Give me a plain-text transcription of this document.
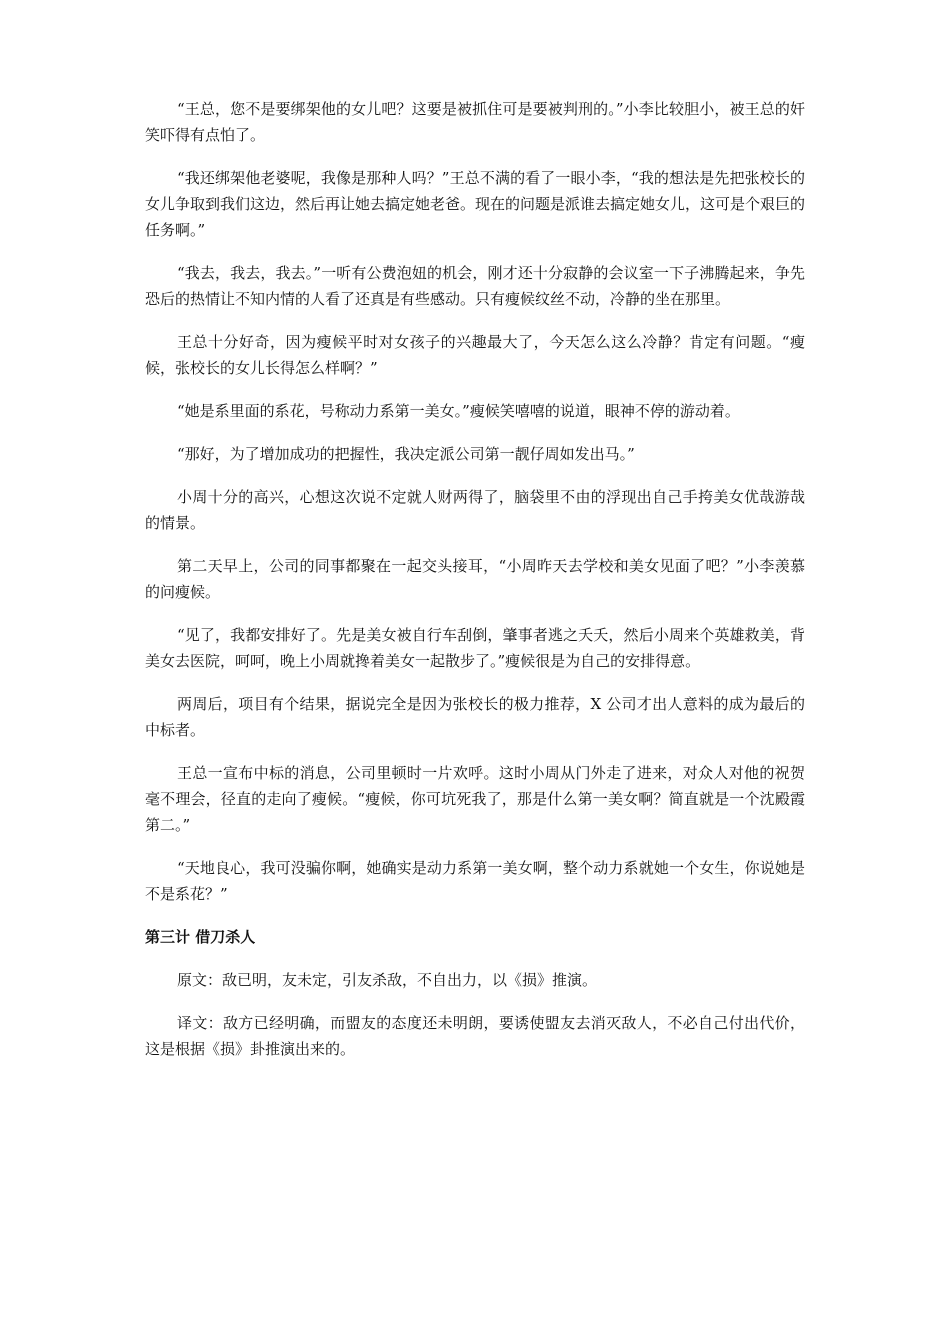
“王总，您不是要绑架他的女儿吧？这要是被抓住可是要被判刑的。”小李比较胆小，被王总的奸笑吓得有点怕了。

“我还绑架他老婆呢，我像是那种人吗？”王总不满的看了一眼小李，“我的想法是先把张校长的女儿争取到我们这边，然后再让她去搞定她老爸。现在的问题是派谁去搞定她女儿，这可是个艰巨的任务啊。”

“我去，我去，我去。”一听有公费泡妞的机会，刚才还十分寂静的会议室一下子沸腾起来，争先恐后的热情让不知内情的人看了还真是有些感动。只有瘦候纹丝不动，冷静的坐在那里。

王总十分好奇，因为瘦候平时对女孩子的兴趣最大了，今天怎么这么冷静？肯定有问题。“瘦候，张校长的女儿长得怎么样啊？”

“她是系里面的系花，号称动力系第一美女。”瘦候笑嘻嘻的说道，眼神不停的游动着。

“那好，为了增加成功的把握性，我决定派公司第一靓仔周如发出马。”

小周十分的高兴，心想这次说不定就人财两得了，脑袋里不由的浮现出自己手挎美女优哉游哉的情景。

第二天早上，公司的同事都聚在一起交头接耳，“小周昨天去学校和美女见面了吧？”小李羡慕的问瘦候。

“见了，我都安排好了。先是美女被自行车刮倒，肇事者逃之夭夭，然后小周来个英雄救美，背美女去医院，呵呵，晚上小周就搀着美女一起散步了。”瘦候很是为自己的安排得意。

两周后，项目有个结果，据说完全是因为张校长的极力推荐，X 公司才出人意料的成为最后的中标者。

王总一宣布中标的消息，公司里顿时一片欢呼。这时小周从门外走了进来，对众人对他的祝贺毫不理会，径直的走向了瘦候。“瘦候，你可坑死我了，那是什么第一美女啊？简直就是一个沈殿霞第二。”

“天地良心，我可没骗你啊，她确实是动力系第一美女啊，整个动力系就她一个女生，你说她是不是系花？”

第三计 借刀杀人

原文：敌已明，友未定，引友杀敌，不自出力，以《损》推演。

译文：敌方已经明确，而盟友的态度还未明朗，要诱使盟友去消灭敌人，不必自己付出代价，这是根据《损》卦推演出来的。
